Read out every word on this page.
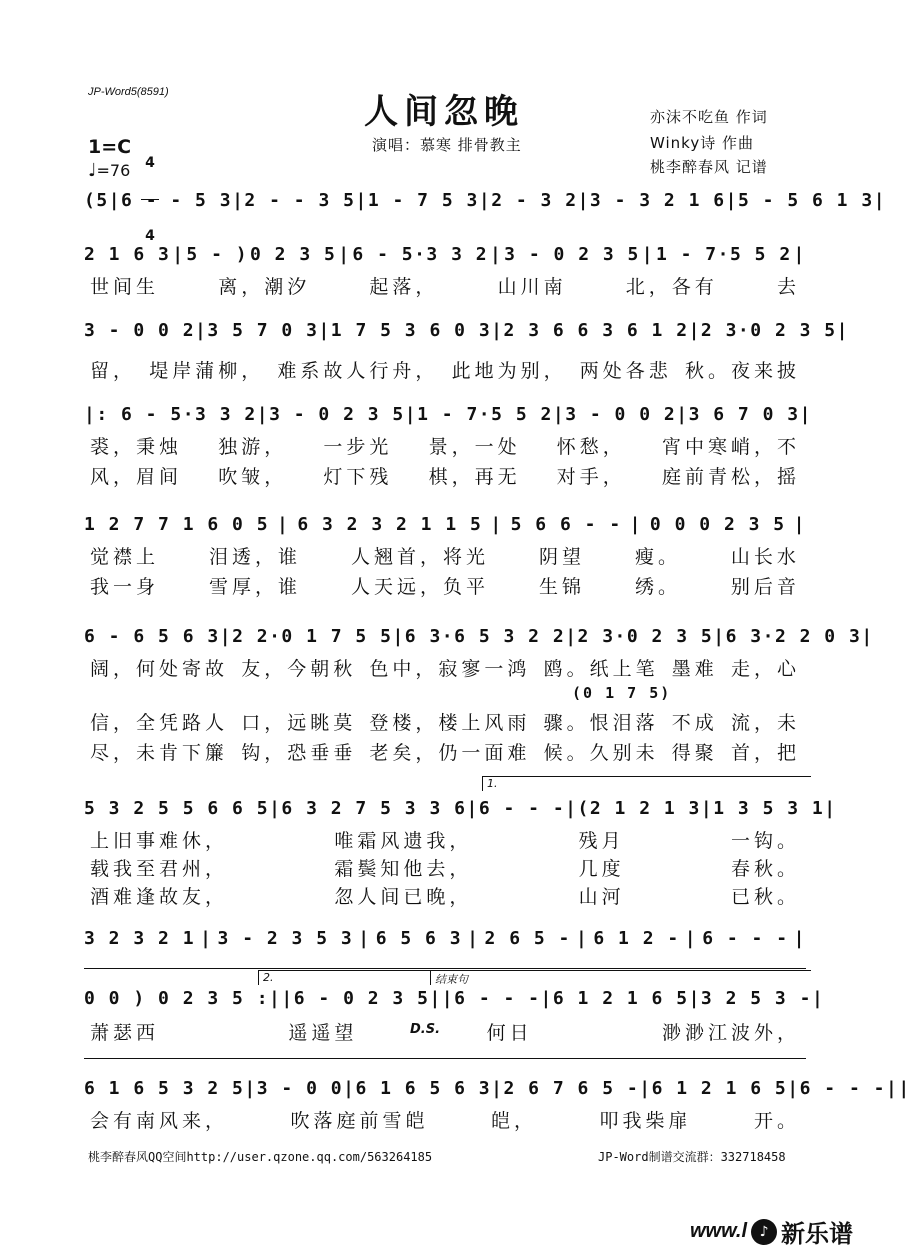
JP-Word5(8591)	人间忽晚
演唱：慕寒 排骨教主
亦沫不吃鱼 作词
Winky诗 作曲
桃李醉春风 记谱
1=C

4

4

♩=76
(5 | 6 - - 5 3 | 2 - - 3 5 | 1 - 7 5 3 | 2 - 3 2 | 3 - 3 2 1 6 | 5 - 5 6 1 3 |
2 1 6 3 | 5 - ) 0 2 3 5 | 6 - 5·3 3 2 | 3 - 0 2 3 5 | 1 - 7·5 5 2 |
世间生	离，潮汐	起落，	山川南	北，各有	去
3 - 0 0 2 | 3 5 7 0 3 | 1 7 5 3 6 0 3 | 2 3 6 6 3 6 1 2 | 2 3·0 2 3 5 |
留， 堤岸蒲柳， 难系故人行舟， 此地为别， 两处各悲 秋。夜来披
|: 6 - 5·3 3 2 | 3 - 0 2 3 5 | 1 - 7·5 5 2 | 3 - 0 0 2 | 3 6 7 0 3 |
裘，秉烛 独游， 一步光 景，一处 怀愁， 宵中寒峭，不
风，眉间 吹皱， 灯下残 棋，再无 对手， 庭前青松，摇
1 2 7 7 1 6 0 5 | 6 3 2 3 2 1 1 5 | 5 6 6 - - | 0 0 0 2 3 5 |
觉襟上	泪透，谁	人翘首，将光	阴望	瘦。	山长水
我一身	雪厚，谁	人天远，负平	生锦	绣。	别后音
6 - 6 5 6 3 | 2 2·0 1 7 5 5 | 6 3·6 5 3 2 2 | 2 3·0 2 3 5 | 6 3·2 2 0 3 |
阔，何处寄故 友，今朝秋 色中，寂寥一鸿 鸥。纸上笔 墨难 走，心
信，全凭路人 口，远眺莫 登楼，楼上风雨 骤。恨泪落 不成 流，未
尽，未肯下簾 钩，恐垂垂 老矣，仍一面难 候。久别未 得聚 首，把
5 3 2 5 5 6 6 5 | 6 3 2 7 5 3 3 6 | 6 - - - | (2 1 2 1 3 | 1 3 5 3 1 |
上旧事难休，	唯霜风遗我，	残月	一钩。
载我至君州，	霜鬓知他去，	几度	春秋。
酒难逢故友，	忽人间已晚，	山河	已秋。
3 2 3 2 1 | 3 - 2 3 5 3 | 6 5 6 3 | 2 6 5 - | 6 1 2 - | 6 - - - |
0 0 ) 0 2 3 5 :|| 6 - 0 2 3 5 || 6 - - - | 6 1 2 1 6 5 | 3 2 5 3 - |
萧瑟西	遥遥望	何日	渺渺江波外，
6 1 6 5 3 2 5 | 3 - 0 0 | 6 1 6 5 6 3 | 2 6 7 6 5 - | 6 1 2 1 6 5 | 6 - - - ||
会有南风来，	吹落庭前雪皑	皑，	叩我柴扉	开。
D.S.
1.
2.	结束句
(0 1 7 5)
桃李醉春风QQ空间http://user.qzone.qq.com/563264185	JP-Word制谱交流群：332718458
www.l ♪ 新乐谱
